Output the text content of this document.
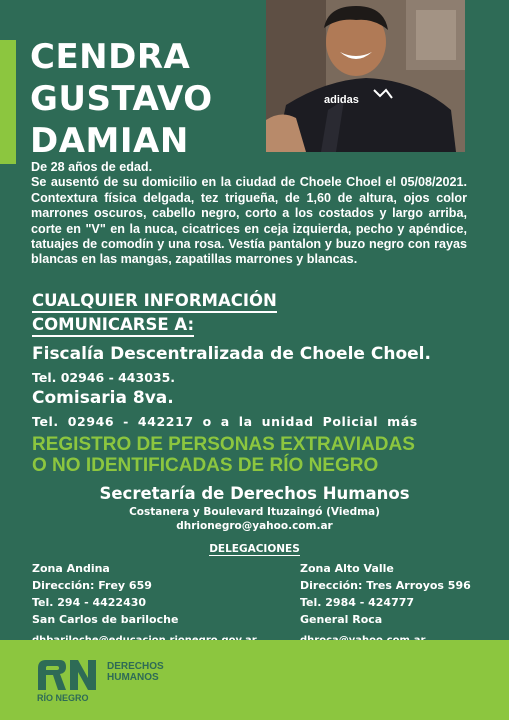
adidas
CENDRA
GUSTAVO
DAMIAN

De 28 años de edad.

Se ausentó de su domicilio en la ciudad de Choele Choel el 05/08/2021. Contextura física delgada, tez trigueña, de 1,60 de altura, ojos color marrones oscuros, cabello negro, corto a los costados y largo arriba, corte en "V" en la nuca, cicatrices en ceja izquierda, pecho y apéndice, tatuajes de comodín y una rosa. Vestía pantalon y buzo negro con rayas blancas en las mangas, zapatillas marrones y blancas.

CUALQUIER INFORMACIÓN
COMUNICARSE A:
Fiscalía Descentralizada de Choele Choel.
Tel. 02946 - 443035.
Comisaria 8va.
Tel. 02946 - 442217 o a la unidad Policial más
REGISTRO DE PERSONAS EXTRAVIADAS
O NO IDENTIFICADAS DE RÍO NEGRO
Secretaría de Derechos Humanos
Costanera y Boulevard Ituzaingó (Viedma)
dhrionegro@yahoo.com.ar
DELEGACIONES
Zona Andina
Dirección: Frey 659
Tel. 294 - 4422430
San Carlos de bariloche
Zona Alto Valle
Dirección: Tres Arroyos 596
Tel. 2984 - 424777
General Roca
RÍO NEGRO
DERECHOS
HUMANOS
